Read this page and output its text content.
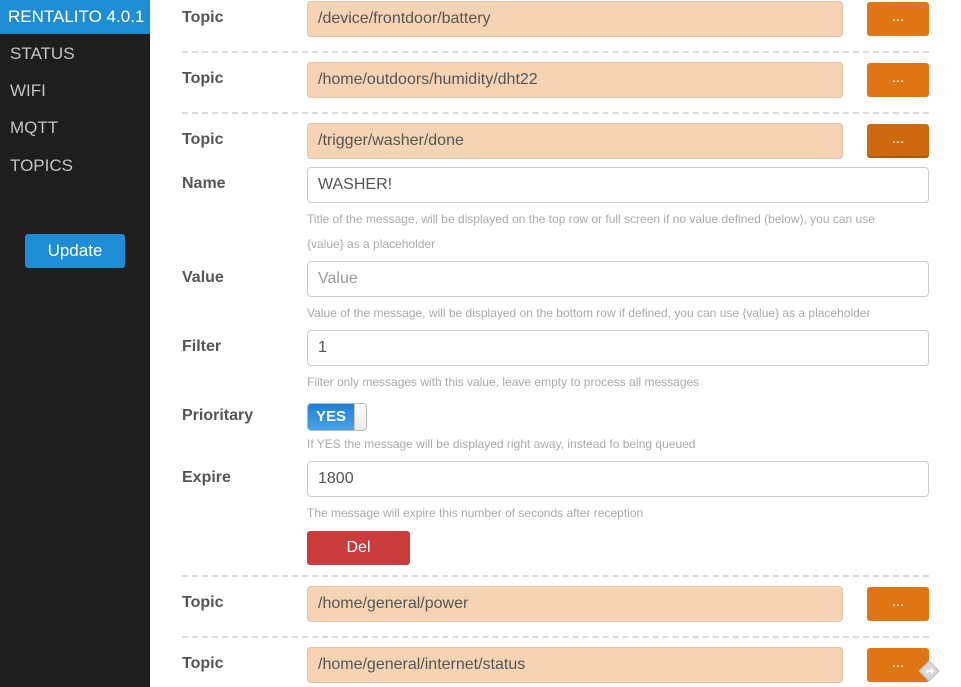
RENTALITO 4.0.1
STATUS
WIFI
MQTT
TOPICS
Update
Topic	/device/frontdoor/battery	...
Topic	/home/outdoors/humidity/dht22	...
Topic	/trigger/washer/done	...
Name	WASHER!
Title of the message, will be displayed on the top row or full screen if no value defined (below), you can use
{value} as a placeholder
Value	Value
Value of the message, will be displayed on the bottom row if defined, you can use {value} as a placeholder
Filter	1
Filter only messages with this value, leave empty to process all messages
Prioritary	YES
If YES the message will be displayed right away, instead fo being queued
Expire	1800
The message will expire this number of seconds after reception
Del
Topic	/home/general/power	...
Topic	/home/general/internet/status	...
